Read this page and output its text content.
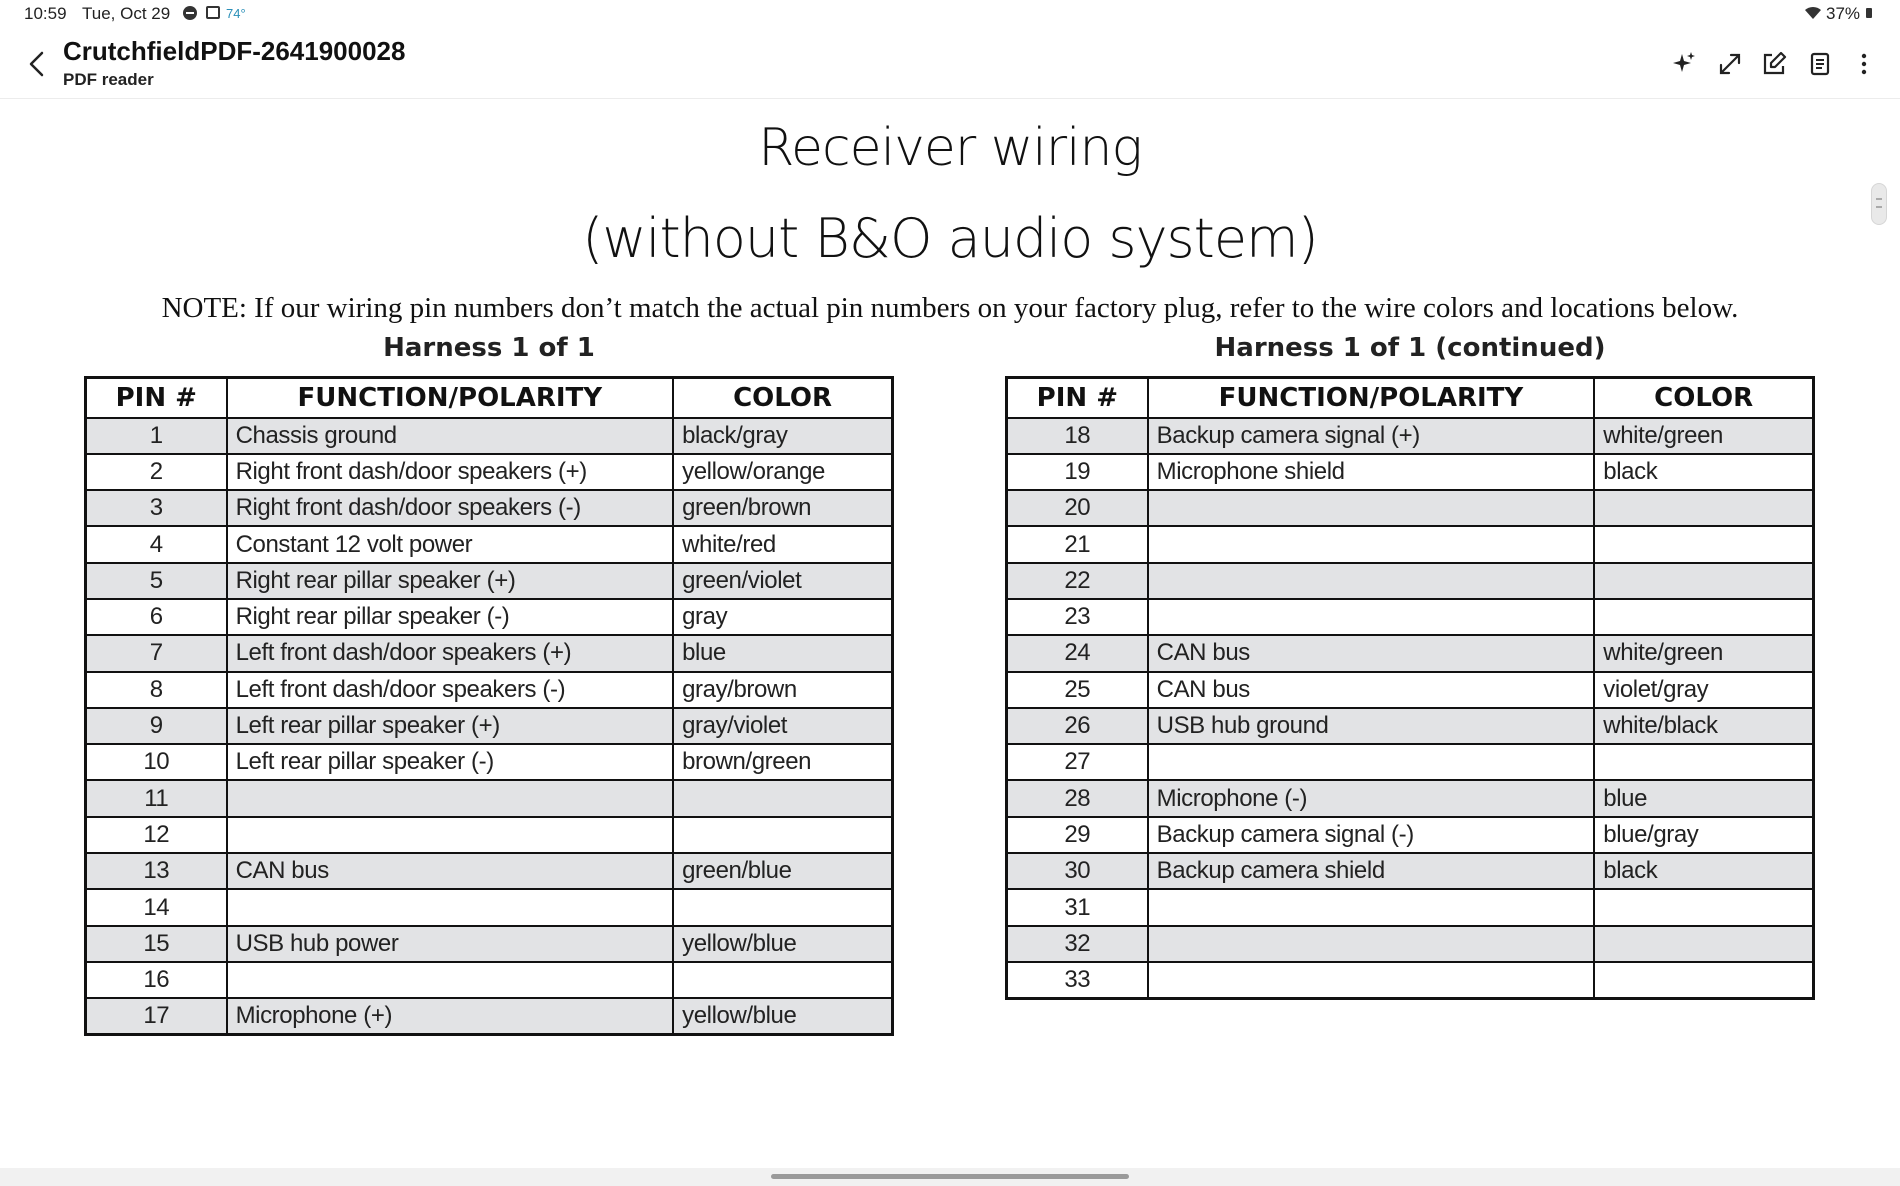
10:59 Tue, Oct 29	74°	37%
CrutchfieldPDF-2641900028
PDF reader
Receiver wiring
(without B&O audio system)
NOTE: If our wiring pin numbers don’t match the actual pin numbers on your factory plug, refer to the wire colors and locations below.
Harness 1 of 1	Harness 1 of 1 (continued)
PIN #	FUNCTION/POLARITY	COLOR
1	Chassis ground	black/gray
2	Right front dash/door speakers (+)	yellow/orange
3	Right front dash/door speakers (-)	green/brown
4	Constant 12 volt power	white/red
5	Right rear pillar speaker (+)	green/violet
6	Right rear pillar speaker (-)	gray
7	Left front dash/door speakers (+)	blue
8	Left front dash/door speakers (-)	gray/brown
9	Left rear pillar speaker (+)	gray/violet
10	Left rear pillar speaker (-)	brown/green
11		
12		
13	CAN bus	green/blue
14		
15	USB hub power	yellow/blue
16		
17	Microphone (+)	yellow/blue
PIN #	FUNCTION/POLARITY	COLOR
18	Backup camera signal (+)	white/green
19	Microphone shield	black
20		
21		
22		
23		
24	CAN bus	white/green
25	CAN bus	violet/gray
26	USB hub ground	white/black
27		
28	Microphone (-)	blue
29	Backup camera signal (-)	blue/gray
30	Backup camera shield	black
31		
32		
33		
